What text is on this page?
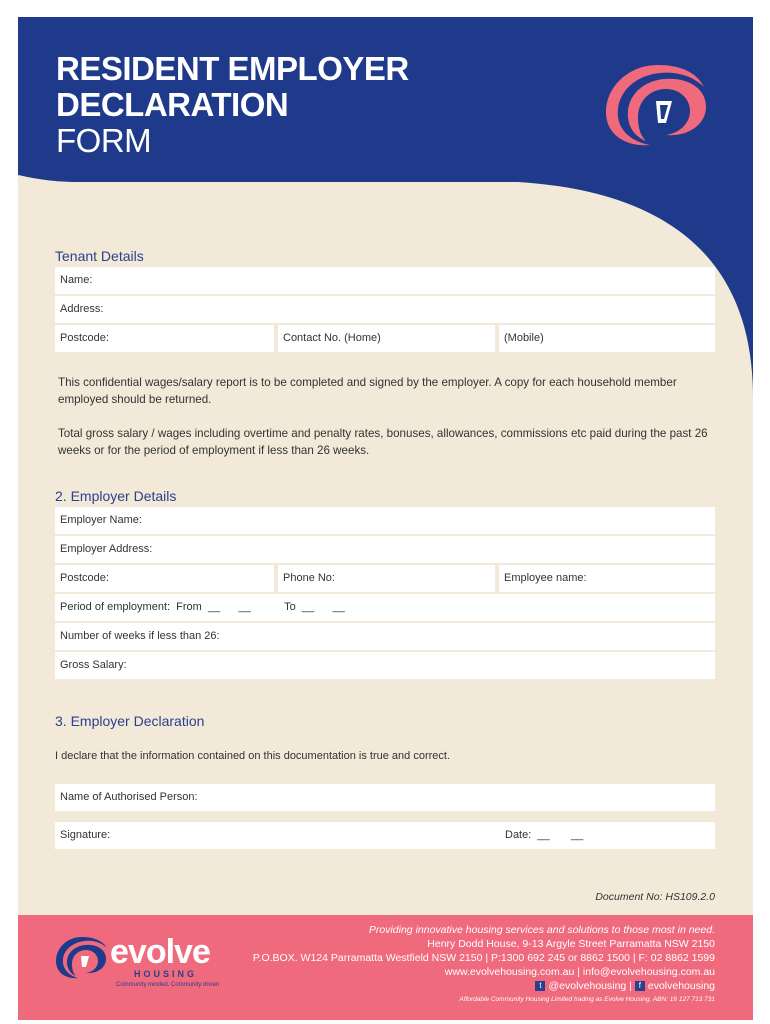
RESIDENT EMPLOYER
DECLARATION
FORM
Tenant Details
Name:
Address:
Postcode:	Contact No. (Home)	(Mobile)
This confidential wages/salary report is to be completed and signed by the employer. A copy for each household member employed should be returned.
Total gross salary / wages including overtime and penalty rates, bonuses, allowances, commissions etc paid during the past 26 weeks or for the period of employment if less than 26 weeks.
2. Employer Details
Employer Name:
Employer Address:
Postcode:	Phone No:	Employee name:
Period of employment:  From  __      __           To  __      __
Number of weeks if less than 26:
Gross Salary:
3. Employer Declaration
I declare that the information contained on this documentation is true and correct.
Name of Authorised Person:
Signature:	Date:  __       __
Document No: HS109.2.0
evolve
HOUSING
Community minded. Community driven
Providing innovative housing services and solutions to those most in need.
Henry Dodd House, 9-13 Argyle Street Parramatta NSW 2150
P.O.BOX. W124 Parramatta Westfield NSW 2150 | P:1300 692 245 or 8862 1500 | F: 02 8862 1599
www.evolvehousing.com.au | info@evolvehousing.com.au
t @evolvehousing | f evolvehousing
Affordable Community Housing Limited trading as Evolve Housing. ABN: 16 127 713 731
